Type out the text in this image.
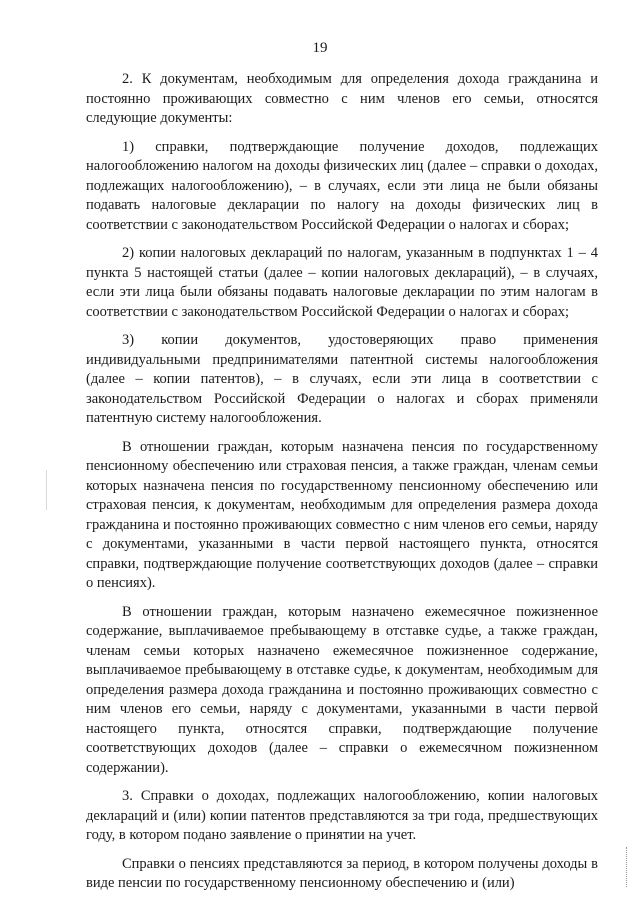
19

2. К документам, необходимым для определения дохода гражданина и постоянно проживающих совместно с ним членов его семьи, относятся следующие документы:

1) справки, подтверждающие получение доходов, подлежащих налогообложению налогом на доходы физических лиц (далее – справки о доходах, подлежащих налогообложению), – в случаях, если эти лица не были обязаны подавать налоговые декларации по налогу на доходы физических лиц в соответствии с законодательством Российской Федерации о налогах и сборах;

2) копии налоговых деклараций по налогам, указанным в подпунктах 1 – 4 пункта 5 настоящей статьи (далее – копии налоговых деклараций), – в случаях, если эти лица были обязаны подавать налоговые декларации по этим налогам в соответствии с законодательством Российской Федерации о налогах и сборах;

3) копии документов, удостоверяющих право применения индивидуальными предпринимателями патентной системы налогообложения (далее – копии патентов), – в случаях, если эти лица в соответствии с законодательством Российской Федерации о налогах и сборах применяли патентную систему налогообложения.

В отношении граждан, которым назначена пенсия по государственному пенсионному обеспечению или страховая пенсия, а также граждан, членам семьи которых назначена пенсия по государственному пенсионному обеспечению или страховая пенсия, к документам, необходимым для определения размера дохода гражданина и постоянно проживающих совместно с ним членов его семьи, наряду с документами, указанными в части первой настоящего пункта, относятся справки, подтверждающие получение соответствующих доходов (далее – справки о пенсиях).

В отношении граждан, которым назначено ежемесячное пожизненное содержание, выплачиваемое пребывающему в отставке судье, а также граждан, членам семьи которых назначено ежемесячное пожизненное содержание, выплачиваемое пребывающему в отставке судье, к документам, необходимым для определения размера дохода гражданина и постоянно проживающих совместно с ним членов его семьи, наряду с документами, указанными в части первой настоящего пункта, относятся справки, подтверждающие получение соответствующих доходов (далее – справки о ежемесячном пожизненном содержании).

3. Справки о доходах, подлежащих налогообложению, копии налоговых деклараций и (или) копии патентов представляются за три года, предшествующих году, в котором подано заявление о принятии на учет.

Справки о пенсиях представляются за период, в котором получены доходы в виде пенсии по государственному пенсионному обеспечению и (или)
